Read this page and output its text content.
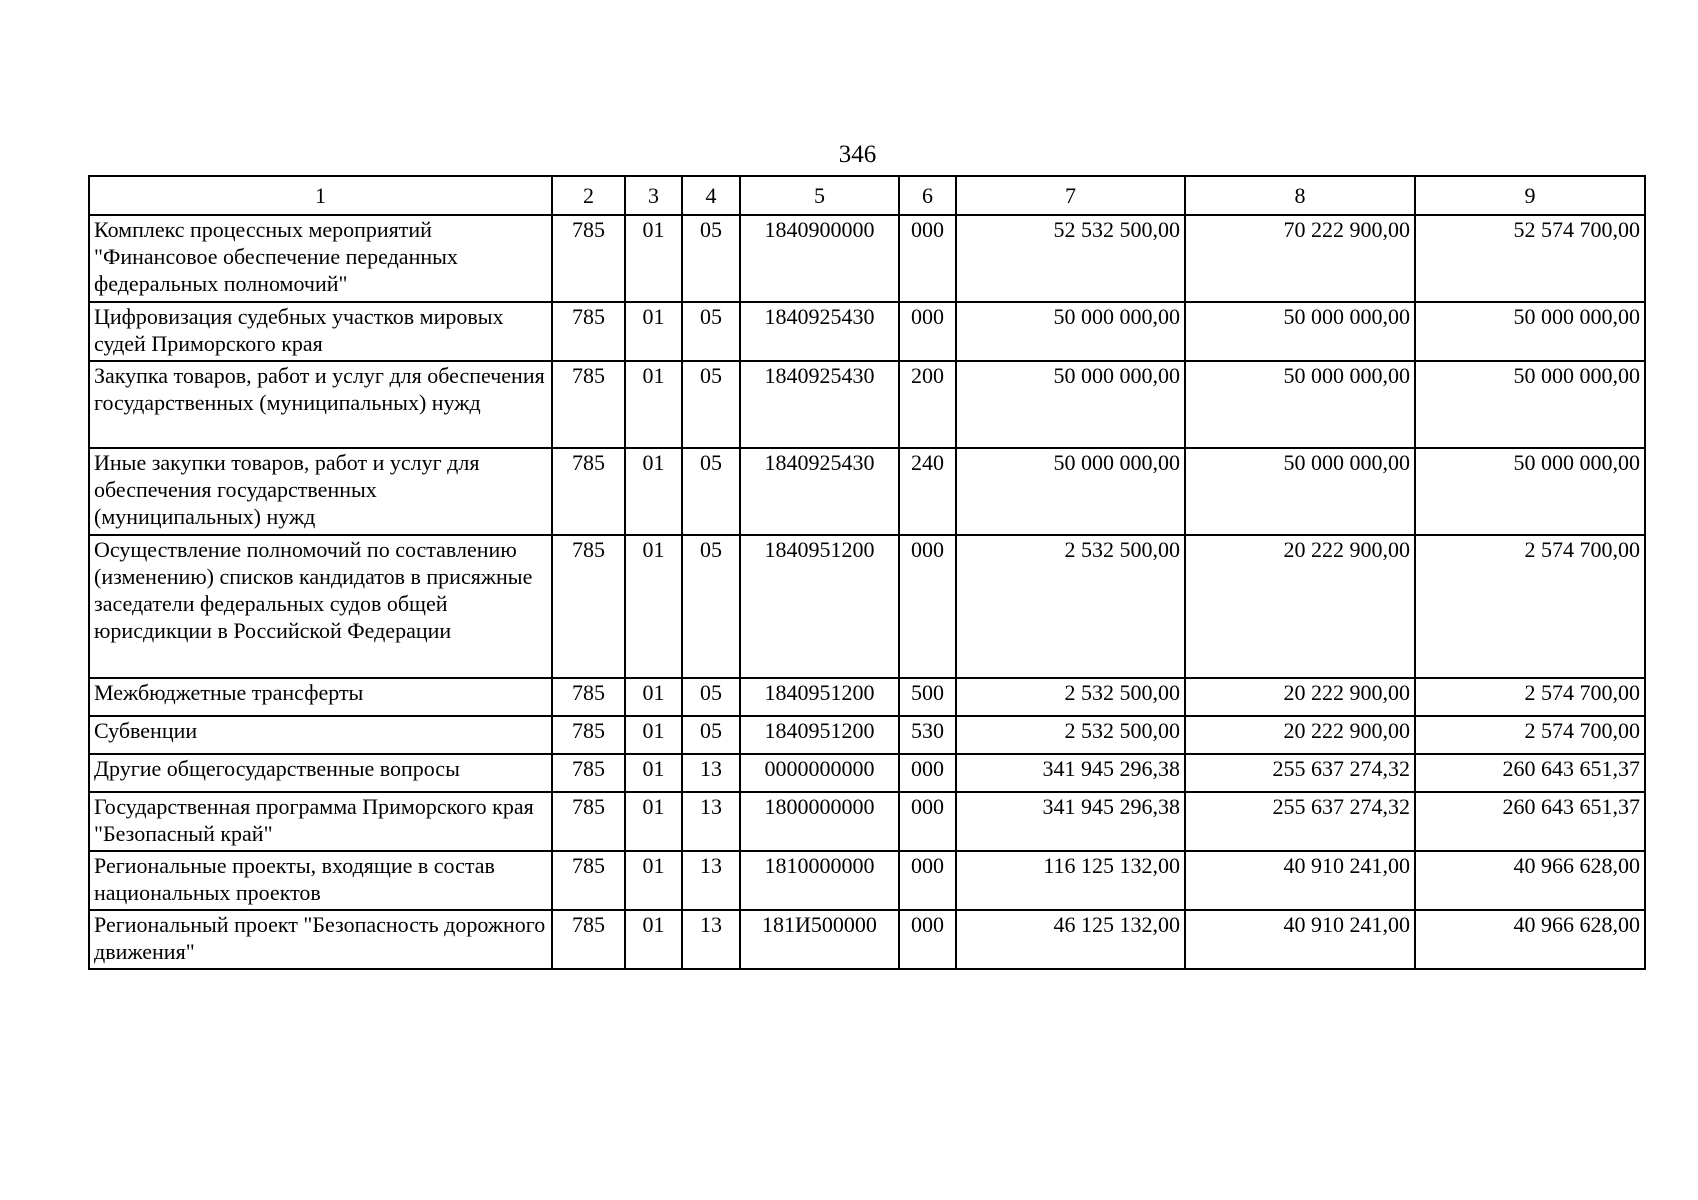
346
1	2	3	4	5	6	7	8	9
Комплекс процессных мероприятий "Финансовое обеспечение переданных федеральных полномочий"	785	01	05	1840900000	000	52 532 500,00	70 222 900,00	52 574 700,00
Цифровизация судебных участков мировых судей Приморского края	785	01	05	1840925430	000	50 000 000,00	50 000 000,00	50 000 000,00
Закупка товаров, работ и услуг для обеспечения государственных (муниципальных) нужд	785	01	05	1840925430	200	50 000 000,00	50 000 000,00	50 000 000,00
Иные закупки товаров, работ и услуг для обеспечения государственных (муниципальных) нужд	785	01	05	1840925430	240	50 000 000,00	50 000 000,00	50 000 000,00
Осуществление полномочий по составлению (изменению) списков кандидатов в присяжные заседатели федеральных судов общей юрисдикции в Российской Федерации	785	01	05	1840951200	000	2 532 500,00	20 222 900,00	2 574 700,00
Межбюджетные трансферты	785	01	05	1840951200	500	2 532 500,00	20 222 900,00	2 574 700,00
Субвенции	785	01	05	1840951200	530	2 532 500,00	20 222 900,00	2 574 700,00
Другие общегосударственные вопросы	785	01	13	0000000000	000	341 945 296,38	255 637 274,32	260 643 651,37
Государственная программа Приморского края "Безопасный край"	785	01	13	1800000000	000	341 945 296,38	255 637 274,32	260 643 651,37
Региональные проекты, входящие в состав национальных проектов	785	01	13	1810000000	000	116 125 132,00	40 910 241,00	40 966 628,00
Региональный проект "Безопасность дорожного движения"	785	01	13	181И500000	000	46 125 132,00	40 910 241,00	40 966 628,00
